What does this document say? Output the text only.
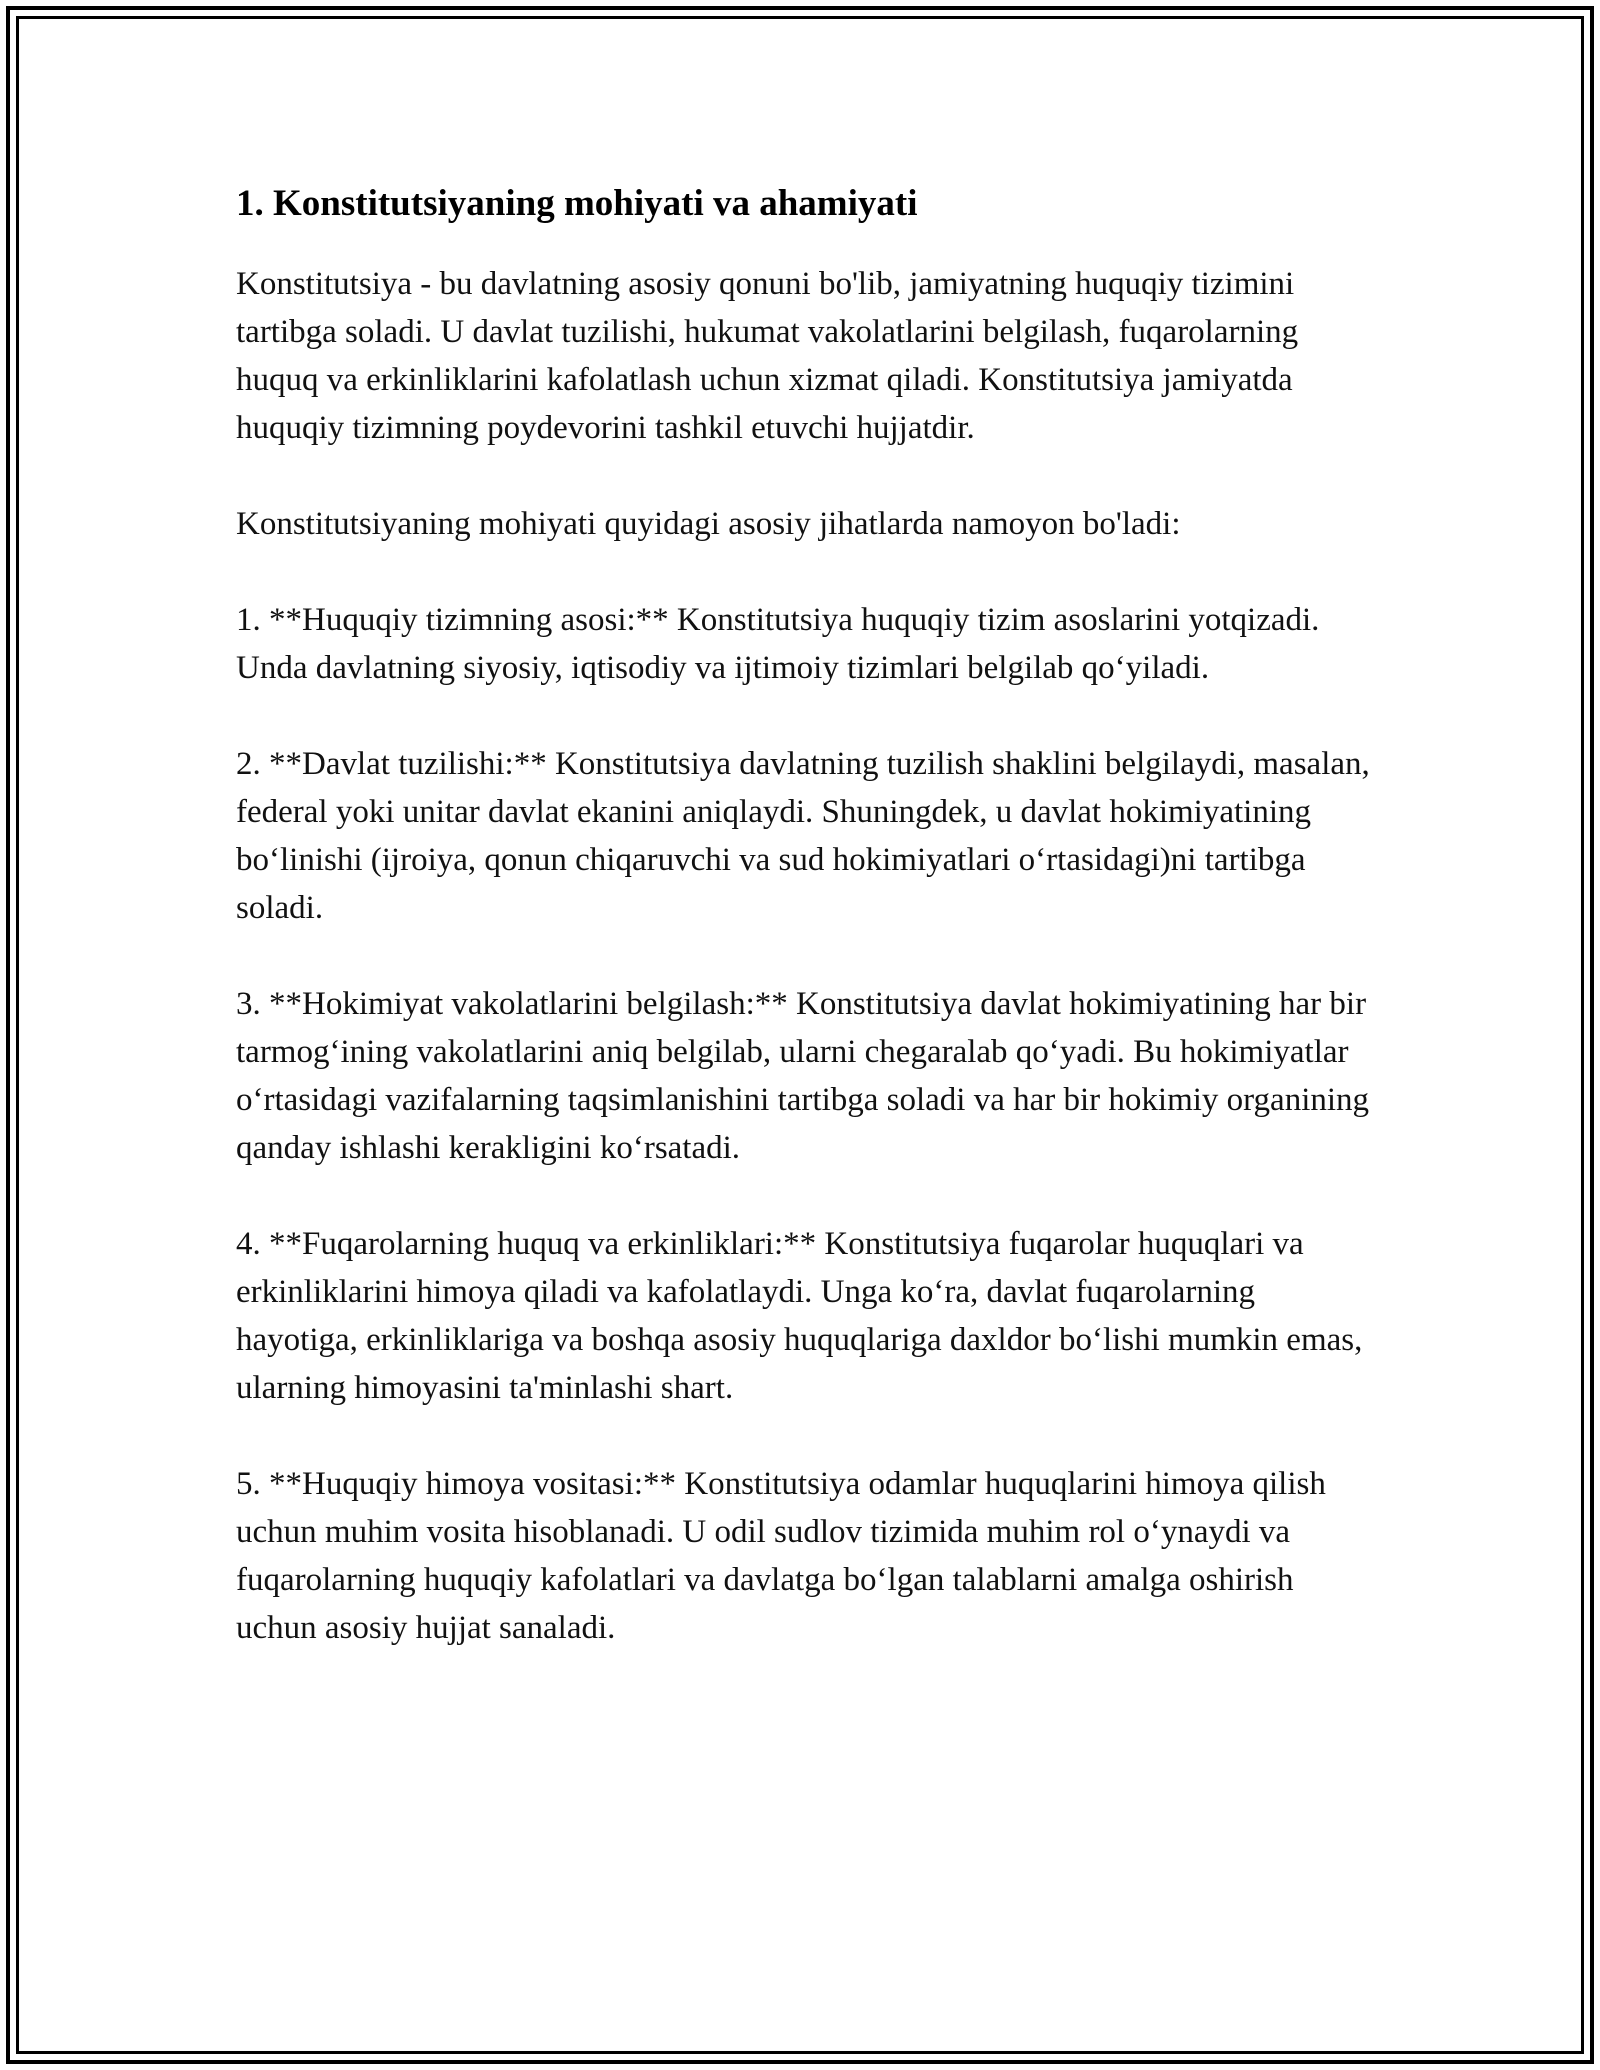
1. Konstitutsiyaning mohiyati va ahamiyati

Konstitutsiya - bu davlatning asosiy qonuni bo'lib, jamiyatning huquqiy tizimini tartibga soladi. U davlat tuzilishi, hukumat vakolatlarini belgilash, fuqarolarning huquq va erkinliklarini kafolatlash uchun xizmat qiladi. Konstitutsiya jamiyatda huquqiy tizimning poydevorini tashkil etuvchi hujjatdir.

Konstitutsiyaning mohiyati quyidagi asosiy jihatlarda namoyon bo'ladi:

1. **Huquqiy tizimning asosi:** Konstitutsiya huquqiy tizim asoslarini yotqizadi. Unda davlatning siyosiy, iqtisodiy va ijtimoiy tizimlari belgilab qo‘yiladi.

2. **Davlat tuzilishi:** Konstitutsiya davlatning tuzilish shaklini belgilaydi, masalan, federal yoki unitar davlat ekanini aniqlaydi. Shuningdek, u davlat hokimiyatining bo‘linishi (ijroiya, qonun chiqaruvchi va sud hokimiyatlari o‘rtasidagi)ni tartibga soladi.

3. **Hokimiyat vakolatlarini belgilash:** Konstitutsiya davlat hokimiyatining har bir tarmog‘ining vakolatlarini aniq belgilab, ularni chegaralab qo‘yadi. Bu hokimiyatlar o‘rtasidagi vazifalarning taqsimlanishini tartibga soladi va har bir hokimiy organining qanday ishlashi kerakligini ko‘rsatadi.

4. **Fuqarolarning huquq va erkinliklari:** Konstitutsiya fuqarolar huquqlari va erkinliklarini himoya qiladi va kafolatlaydi. Unga ko‘ra, davlat fuqarolarning hayotiga, erkinliklariga va boshqa asosiy huquqlariga daxldor bo‘lishi mumkin emas, ularning himoyasini ta'minlashi shart.

5. **Huquqiy himoya vositasi:** Konstitutsiya odamlar huquqlarini himoya qilish uchun muhim vosita hisoblanadi. U odil sudlov tizimida muhim rol o‘ynaydi va fuqarolarning huquqiy kafolatlari va davlatga bo‘lgan talablarni amalga oshirish uchun asosiy hujjat sanaladi.
